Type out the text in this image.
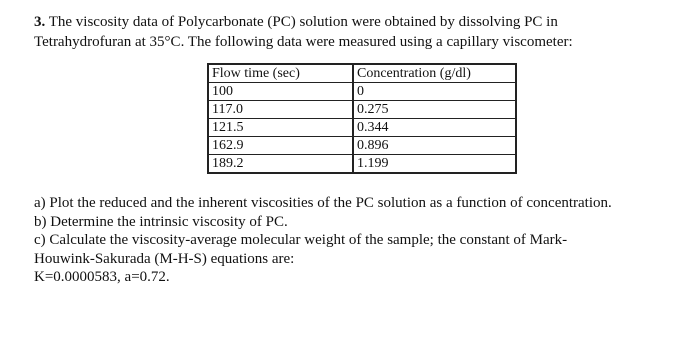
3. The viscosity data of Polycarbonate (PC) solution were obtained by dissolving PC in
Tetrahydrofuran at 35°C. The following data were measured using a capillary viscometer:
Flow time (sec)	Concentration (g/dl)
100	0
117.0	0.275
121.5	0.344
162.9	0.896
189.2	1.199
a) Plot the reduced and the inherent viscosities of the PC solution as a function of concentration.
b) Determine the intrinsic viscosity of PC.
c) Calculate the viscosity-average molecular weight of the sample; the constant of Mark-
Houwink-Sakurada (M-H-S) equations are:
K=0.0000583, a=0.72.
